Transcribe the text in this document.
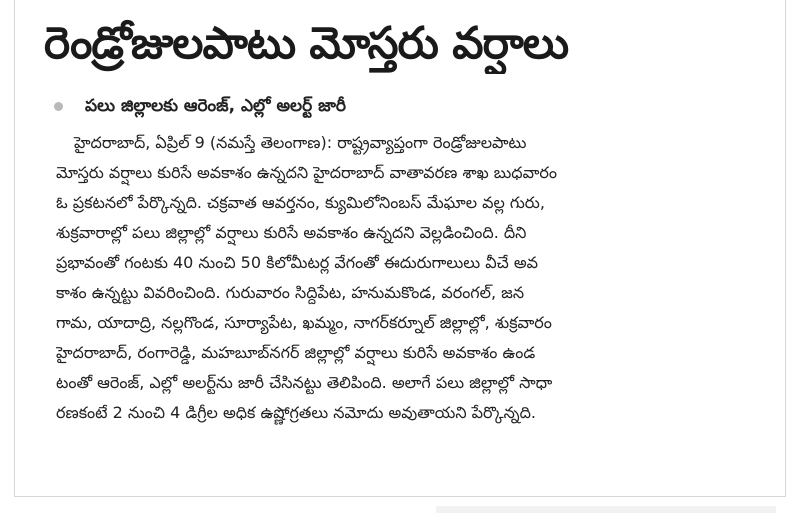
రెండ్రోజులపాటు మోస్తరు వర్షాలు
పలు జిల్లాలకు ఆరెంజ్, ఎల్లో అలర్ట్ జారీ
హైదరాబాద్, ఏప్రిల్ 9 (నమస్తే తెలంగాణ): రాష్ట్రవ్యాప్తంగా రెండ్రోజులపాటు
మోస్తరు వర్షాలు కురిసే అవకాశం ఉన్నదని హైదరాబాద్ వాతావరణ శాఖ బుధవారం
ఓ ప్రకటనలో పేర్కొన్నది. చక్రవాత ఆవర్తనం, క్యుమిలోనింబస్ మేఘాల వల్ల గురు,
శుక్రవారాల్లో పలు జిల్లాల్లో వర్షాలు కురిసే అవకాశం ఉన్నదని వెల్లడించింది. దీని
ప్రభావంతో గంటకు 40 నుంచి 50 కిలోమీటర్ల వేగంతో ఈదురుగాలులు వీచే అవ
కాశం ఉన్నట్టు వివరించింది. గురువారం సిద్దిపేట, హనుమకొండ, వరంగల్, జన
గామ, యాదాద్రి, నల్లగొండ, సూర్యాపేట, ఖమ్మం, నాగర్‌కర్నూల్ జిల్లాల్లో, శుక్రవారం
హైదరాబాద్, రంగారెడ్డి, మహబూబ్‌నగర్ జిల్లాల్లో వర్షాలు కురిసే అవకాశం ఉండ
టంతో ఆరెంజ్, ఎల్లో అలర్ట్‌ను జారీ చేసినట్టు తెలిపింది. అలాగే పలు జిల్లాల్లో సాధా
రణకంటే 2 నుంచి 4 డిగ్రీల అధిక ఉష్ణోగ్రతలు నమోదు అవుతాయని పేర్కొన్నది.
